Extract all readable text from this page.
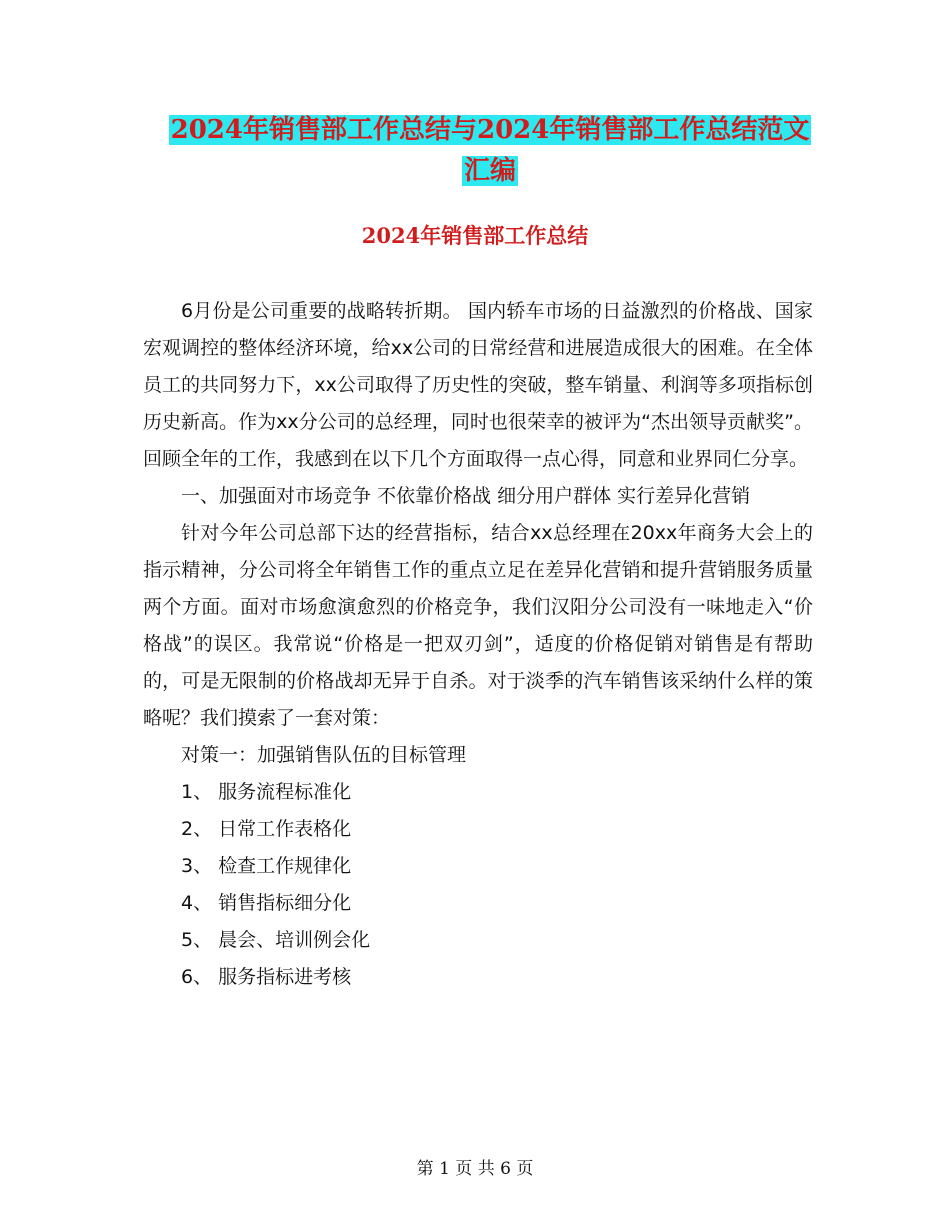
2024年销售部工作总结与2024年销售部工作总结范文
汇编
2024年销售部工作总结

6月份是公司重要的战略转折期。 国内轿车市场的日益激烈的价格战、国家宏观调控的整体经济环境，给xx公司的日常经营和进展造成很大的困难。在全体员工的共同努力下，xx公司取得了历史性的突破，整车销量、利润等多项指标创历史新高。作为xx分公司的总经理，同时也很荣幸的被评为“杰出领导贡献奖”。回顾全年的工作，我感到在以下几个方面取得一点心得，同意和业界同仁分享。

一、加强面对市场竞争 不依靠价格战 细分用户群体 实行差异化营销

针对今年公司总部下达的经营指标，结合xx总经理在20xx年商务大会上的指示精神，分公司将全年销售工作的重点立足在差异化营销和提升营销服务质量两个方面。面对市场愈演愈烈的价格竞争，我们汉阳分公司没有一味地走入“价格战”的误区。我常说“价格是一把双刃剑”，适度的价格促销对销售是有帮助的，可是无限制的价格战却无异于自杀。对于淡季的汽车销售该采纳什么样的策略呢？我们摸索了一套对策：

对策一：加强销售队伍的目标管理

1、 服务流程标准化

2、 日常工作表格化

3、 检查工作规律化

4、 销售指标细分化

5、 晨会、培训例会化

6、 服务指标进考核

第 1 页 共 6 页
